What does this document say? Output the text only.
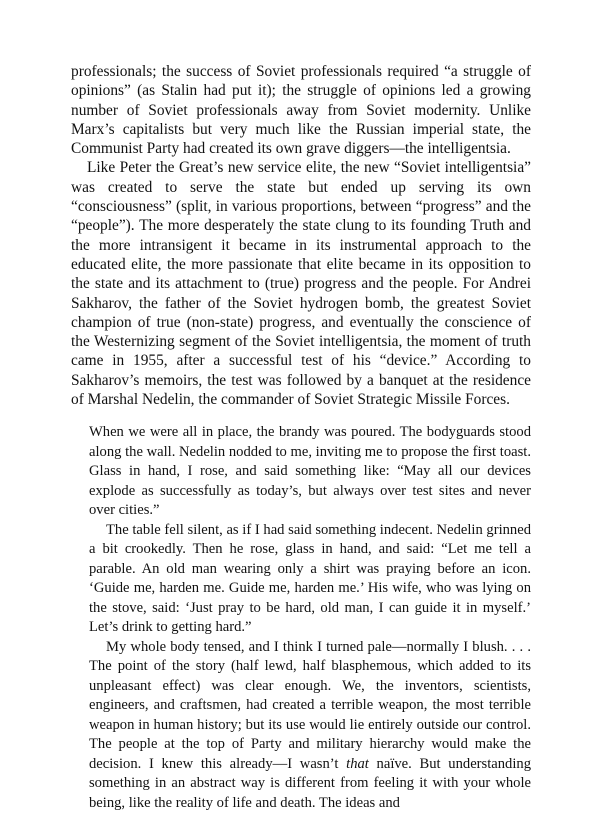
professionals; the success of Soviet professionals required “a struggle of opinions” (as Stalin had put it); the struggle of opinions led a growing number of Soviet professionals away from Soviet modernity. Unlike Marx’s capitalists but very much like the Russian imperial state, the Communist Party had created its own grave diggers—the intelligentsia.

Like Peter the Great’s new service elite, the new “Soviet intelligentsia” was created to serve the state but ended up serving its own “consciousness” (split, in various proportions, between “progress” and the “people”). The more desperately the state clung to its founding Truth and the more intransigent it became in its instrumental approach to the educated elite, the more passionate that elite became in its opposition to the state and its attachment to (true) progress and the people. For Andrei Sakharov, the father of the Soviet hydrogen bomb, the greatest Soviet champion of true (non-state) progress, and eventually the conscience of the Westernizing segment of the Soviet intelligentsia, the moment of truth came in 1955, after a successful test of his “device.” According to Sakharov’s memoirs, the test was followed by a banquet at the residence of Marshal Nedelin, the commander of Soviet Strategic Missile Forces.

When we were all in place, the brandy was poured. The bodyguards stood along the wall. Nedelin nodded to me, inviting me to propose the first toast. Glass in hand, I rose, and said something like: “May all our devices explode as successfully as today’s, but always over test sites and never over cities.”

The table fell silent, as if I had said something indecent. Nedelin grinned a bit crookedly. Then he rose, glass in hand, and said: “Let me tell a parable. An old man wearing only a shirt was praying before an icon. ‘Guide me, harden me. Guide me, harden me.’ His wife, who was lying on the stove, said: ‘Just pray to be hard, old man, I can guide it in myself.’ Let’s drink to getting hard.”

My whole body tensed, and I think I turned pale—normally I blush. . . . The point of the story (half lewd, half blasphemous, which added to its unpleasant effect) was clear enough. We, the inventors, scientists, engineers, and craftsmen, had created a terrible weapon, the most terrible weapon in human history; but its use would lie entirely outside our control. The people at the top of Party and military hierarchy would make the decision. I knew this already—I wasn’t that naïve. But understanding something in an abstract way is different from feeling it with your whole being, like the reality of life and death. The ideas and
